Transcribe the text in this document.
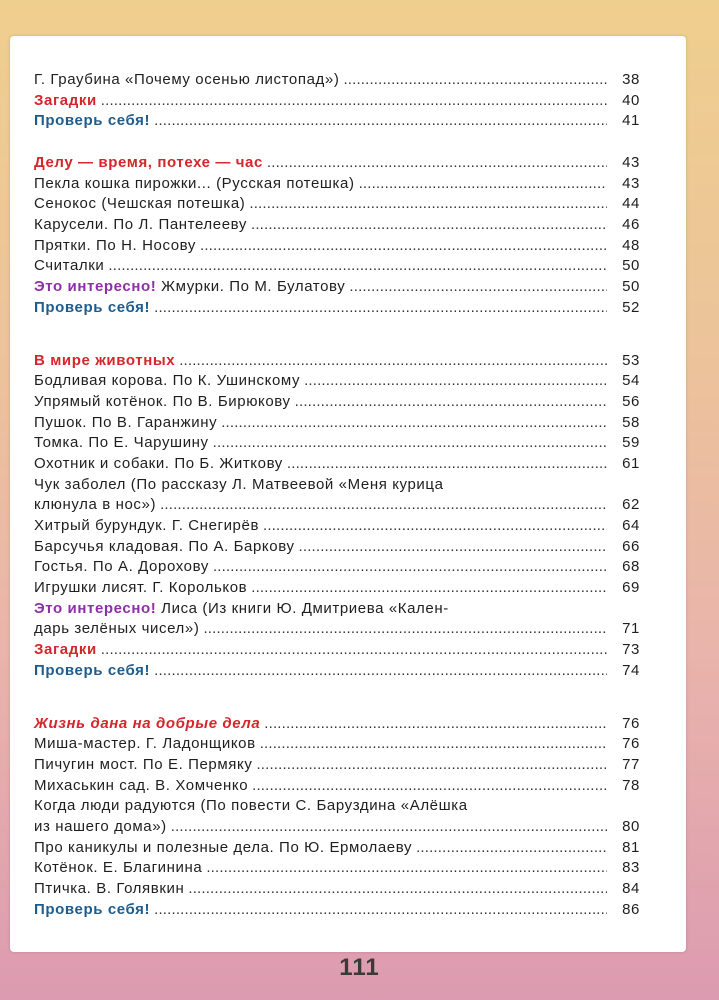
Г. Граубина «Почему осенью листопад») . . .	38
Загадки . . .	40
Проверь себя! . . .	41
Делу — время, потехе — час . . .	43
Пекла кошка пирожки... (Русская потешка) . . .	43
Сенокос (Чешская потешка) . . .	44
Карусели. По Л. Пантелееву . . .	46
Прятки. По Н. Носову . . .	48
Считалки . . .	50
Это интересно! Жмурки. По М. Булатову . . .	50
Проверь себя! . . .	52
В мире животных . . .	53
Бодливая корова. По К. Ушинскому . . .	54
Упрямый котёнок. По В. Бирюкову . . .	56
Пушок. По В. Гаранжину . . .	58
Томка. По Е. Чарушину . . .	59
Охотник и собаки. По Б. Житкову . . .	61
Чук заболел (По рассказу Л. Матвеевой «Меня курица
клюнула в нос») . . .	62
Хитрый бурундук. Г. Снегирёв . . .	64
Барсучья кладовая. По А. Баркову . . .	66
Гостья. По А. Дорохову . . .	68
Игрушки лисят. Г. Корольков . . .	69
Это интересно! Лиса (Из книги Ю. Дмитриева «Кален-
дарь зелёных чисел») . . .	71
Загадки . . .	73
Проверь себя! . . .	74
Жизнь дана на добрые дела . . .	76
Миша-мастер. Г. Ладонщиков . . .	76
Пичугин мост. По Е. Пермяку . . .	77
Михаськин сад. В. Хомченко . . .	78
Когда люди радуются (По повести С. Баруздина «Алёшка
из нашего дома») . . .	80
Про каникулы и полезные дела. По Ю. Ермолаеву . . .	81
Котёнок. Е. Благинина . . .	83
Птичка. В. Голявкин . . .	84
Проверь себя! . . .	86
111
